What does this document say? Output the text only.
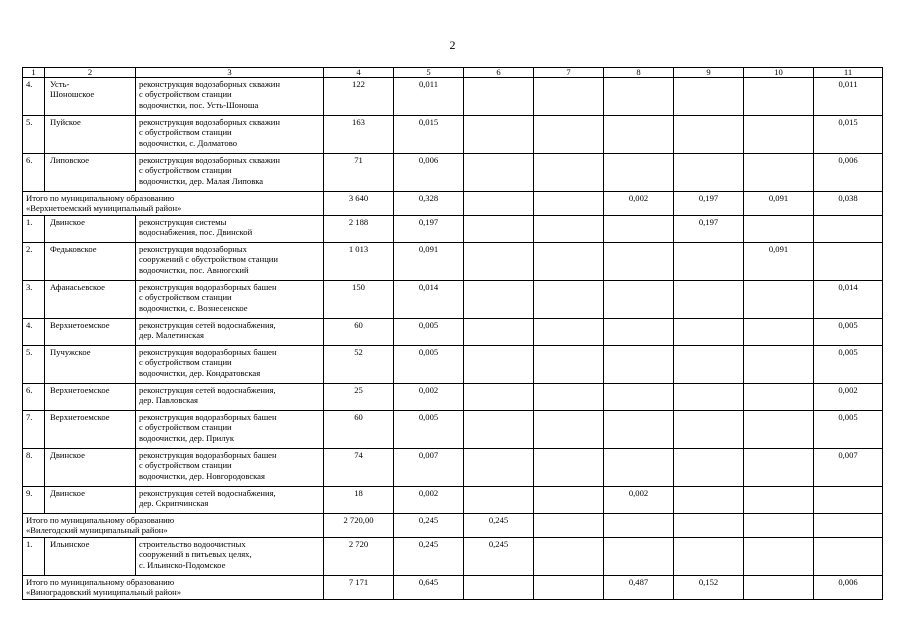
2
1	2	3	4	5	6	7	8	9	10	11
4.	Усть-
Шоношское	реконструкция водозаборных скважин
с обустройством станции
водоочистки, пос. Усть-Шоноша	122	0,011						0,011
5.	Пуйское	реконструкция водозаборных скважин
с обустройством станции
водоочистки, с. Долматово	163	0,015						0,015
6.	Липовское	реконструкция водозаборных скважин
с обустройством станции
водоочистки, дер. Малая Липовка	71	0,006						0,006
Итого по муниципальному образованию
«Верхнетоемский муниципальный район»			3 640	0,328			0,002	0,197	0,091	0,038
1.	Двинское	реконструкция системы
водоснабжения, пос. Двинской	2 188	0,197				0,197		
2.	Федьковское	реконструкция водозаборных
сооружений с обустройством станции
водоочистки, пос. Авнюгский	1 013	0,091					0,091	
3.	Афанасьевское	реконструкция водоразборных башен
с обустройством станции
водоочистки, с. Вознесенское	150	0,014						0,014
4.	Верхнетоемское	реконструкция сетей водоснабжения,
дер. Малетинская	60	0,005						0,005
5.	Пучужское	реконструкция водоразборных башен
с обустройством станции
водоочистки, дер. Кондратовская	52	0,005						0,005
6.	Верхнетоемское	реконструкция сетей водоснабжения,
дер. Павловская	25	0,002						0,002
7.	Верхнетоемское	реконструкция водоразборных башен
с обустройством станции
водоочистки, дер. Прилук	60	0,005						0,005
8.	Двинское	реконструкция водоразборных башен
с обустройством станции
водоочистки, дер. Новгородовская	74	0,007						0,007
9.	Двинское	реконструкция сетей водоснабжения,
дер. Скрипчинская	18	0,002			0,002			
Итого по муниципальному образованию
«Вилегодский муниципальный район»			2 720,00	0,245	0,245					
1.	Ильинское	строительство водоочистных
сооружений в питьевых целях,
с. Ильинско-Подомское	2 720	0,245	0,245					
Итого по муниципальному образованию
«Виноградовский муниципальный район»			7 171	0,645			0,487	0,152		0,006
